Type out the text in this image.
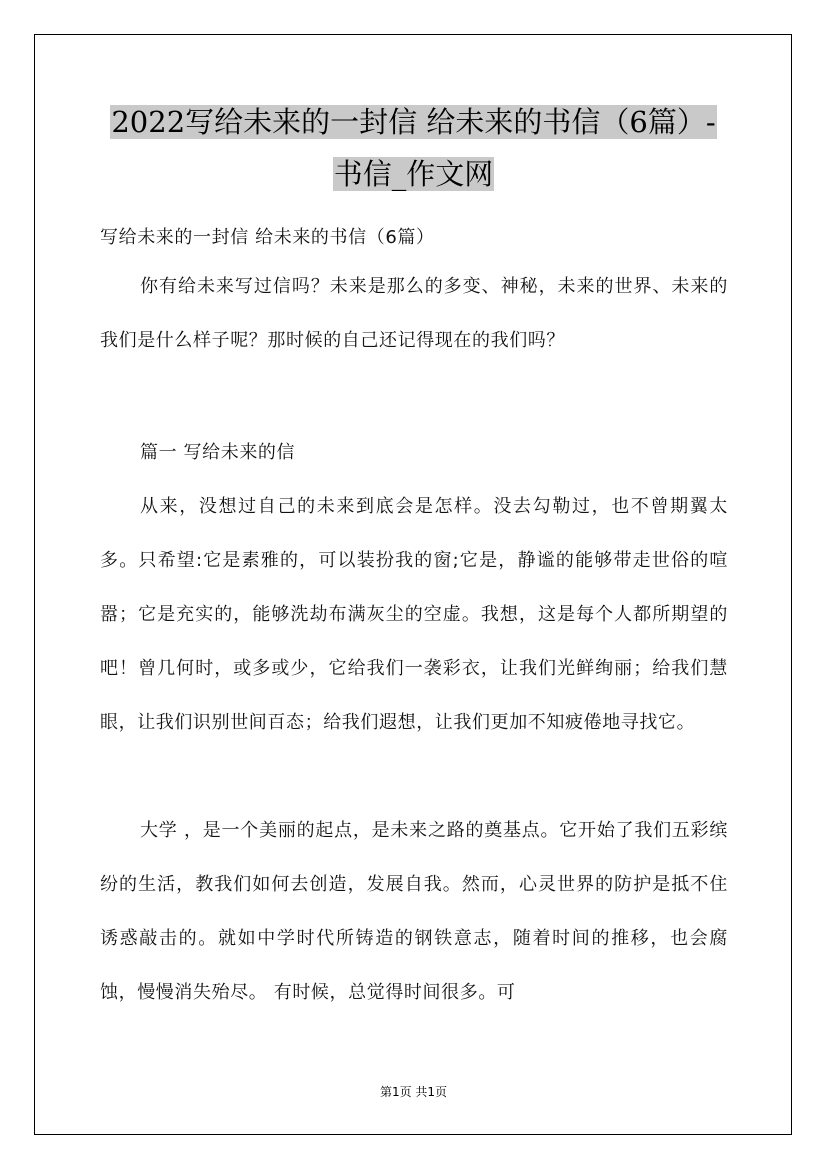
2022写给未来的一封信 给未来的书信（6篇）-
书信_作文网
写给未来的一封信 给未来的书信（6篇）

你有给未来写过信吗？未来是那么的多变、神秘，未来的世界、未来的我们是什么样子呢？那时候的自己还记得现在的我们吗？

篇一 写给未来的信

从来，没想过自己的未来到底会是怎样。没去勾勒过，也不曾期翼太多。只希望:它是素雅的，可以装扮我的窗;它是，静谧的能够带走世俗的喧嚣；它是充实的，能够洗劫布满灰尘的空虚。我想，这是每个人都所期望的吧！曾几何时，或多或少，它给我们一袭彩衣，让我们光鲜绚丽；给我们慧眼，让我们识别世间百态；给我们遐想，让我们更加不知疲倦地寻找它。

大学 ，是一个美丽的起点，是未来之路的奠基点。它开始了我们五彩缤纷的生活，教我们如何去创造，发展自我。然而，心灵世界的防护是抵不住诱惑敲击的。就如中学时代所铸造的钢铁意志，随着时间的推移，也会腐蚀，慢慢消失殆尽。 有时候，总觉得时间很多。可

第1页 共1页
